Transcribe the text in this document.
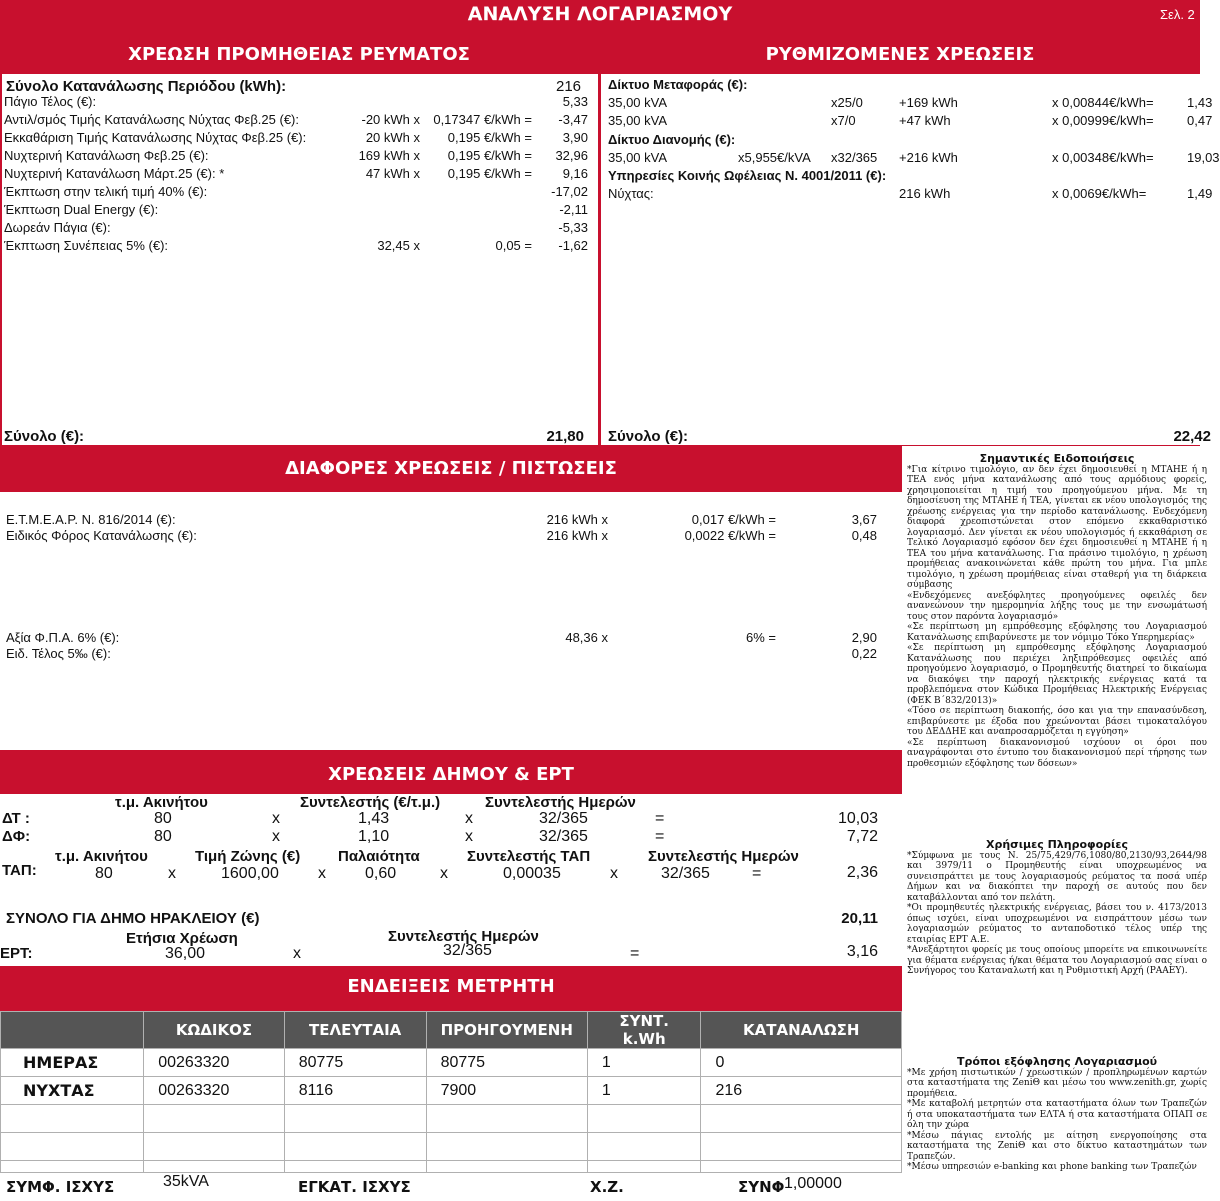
ΑΝΑΛΥΣΗ ΛΟΓΑΡΙΑΣΜΟΥ	Σελ. 2
ΧΡΕΩΣΗ ΠΡΟΜΗΘΕΙΑΣ ΡΕΥΜΑΤΟΣ
Σύνολο Κατανάλωσης Περιόδου (kWh):	216
Πάγιο Τέλος (€):	5,33
Αντιλ/σμός Τιμής Κατανάλωσης Νύχτας Φεβ.25 (€):	-20 kWh x	0,17347 €/kWh =	-3,47
Εκκαθάριση Τιμής Κατανάλωσης Νύχτας Φεβ.25 (€):	20 kWh x	0,195 €/kWh =	3,90
Νυχτερινή Κατανάλωση Φεβ.25 (€):	169 kWh x	0,195 €/kWh =	32,96
Νυχτερινή Κατανάλωση Μάρτ.25 (€): *	47 kWh x	0,195 €/kWh =	9,16
Έκπτωση στην τελική τιμή 40% (€):	-17,02
Έκπτωση Dual Energy (€):	-2,11
Δωρεάν Πάγια (€):	-5,33
Έκπτωση Συνέπειας 5% (€):	32,45 x	0,05 =	-1,62
Σύνολο (€):	21,80
ΡΥΘΜΙΖΟΜΕΝΕΣ ΧΡΕΩΣΕΙΣ
Δίκτυο Μεταφοράς (€):
35,00 kVA	x25/0	+169 kWh	x 0,00844€/kWh=	1,43
35,00 kVA	x7/0	+47 kWh	x 0,00999€/kWh=	0,47
Δίκτυο Διανομής (€):
35,00 kVA	x5,955€/kVA x32/365 +216 kWh	x 0,00348€/kWh=	19,03
Υπηρεσίες Κοινής Ωφέλειας Ν. 4001/2011 (€):
Νύχτας:	216 kWh	x 0,0069€/kWh=	1,49
Σύνολο (€):	22,42
ΔΙΑΦΟΡΕΣ ΧΡΕΩΣΕΙΣ / ΠΙΣΤΩΣΕΙΣ
Ε.Τ.Μ.Ε.Α.Ρ. Ν. 816/2014 (€):	216 kWh x	0,017 €/kWh =	3,67
Ειδικός Φόρος Κατανάλωσης (€):	216 kWh x	0,0022 €/kWh =	0,48
Αξία Φ.Π.Α. 6% (€):	48,36 x	6% =	2,90
Ειδ. Τέλος 5‰ (€):	0,22
ΧΡΕΩΣΕΙΣ ΔΗΜΟΥ & ΕΡΤ
τ.μ. Ακινήτου	Συντελεστής (€/τ.μ.)	Συντελεστής Ημερών
ΔΤ :	80	x	1,43	x	32/365	=	10,03
ΔΦ:	80	x	1,10	x	32/365	=	7,72
τ.μ. Ακινήτου	Τιμή Ζώνης (€)	Παλαιότητα	Συντελεστής ΤΑΠ	Συντελεστής Ημερών
ΤΑΠ:	80	x	1600,00 x 0,60	x	0,00035	x	32/365	=	2,36
ΣΥΝΟΛΟ ΓΙΑ ΔΗΜΟ ΗΡΑΚΛΕΙΟΥ (€)	20,11
Ετήσια Χρέωση	Συντελεστής Ημερών
ΕΡΤ:	36,00	x	32/365	=	3,16
ΕΝΔΕΙΞΕΙΣ ΜΕΤΡΗΤΗ
	ΚΩΔΙΚΟΣ	ΤΕΛΕΥΤΑΙΑ	ΠΡΟΗΓΟΥΜΕΝΗ	ΣΥΝΤ. k.Wh	ΚΑΤΑΝΑΛΩΣΗ
ΗΜΕΡΑΣ	00263320	80775	80775	1	0
ΝΥΧΤΑΣ	00263320	8116	7900	1	216

ΣΥΜΦ. ΙΣΧΥΣ	35kVA	ΕΓΚΑΤ. ΙΣΧΥΣ	Χ.Ζ.	ΣΥΝΦ 1,00000
Σημαντικές Ειδοποιήσεις

*Για κίτρινο τιμολόγιο, αν δεν έχει δημοσιευθεί η ΜΤΑΗΕ ή η ΤΕΑ ενός μήνα κατανάλωσης από τους αρμόδιους φορείς, χρησιμοποιείται η τιμή του προηγούμενου μήνα. Με τη δημοσίευση της ΜΤΑΗΕ ή ΤΕΑ, γίνεται εκ νέου υπολογισμός της χρέωσης ενέργειας για την περίοδο κατανάλωσης. Ενδεχόμενη διαφορά χρεοπιστώνεται στον επόμενο εκκαθαριστικό λογαριασμό. Δεν γίνεται εκ νέου υπολογισμός ή εκκαθάριση σε Τελικό Λογαριασμό εφόσον δεν έχει δημοσιευθεί η ΜΤΑΗΕ ή η ΤΕΑ του μήνα κατανάλωσης. Για πράσινο τιμολόγιο, η χρέωση προμήθειας ανακοινώνεται κάθε πρώτη του μήνα. Για μπλε τιμολόγιο, η χρέωση προμήθειας είναι σταθερή για τη διάρκεια σύμβασης

«Ενδεχόμενες ανεξόφλητες προηγούμενες οφειλές δεν ανανεώνουν την ημερομηνία λήξης τους με την ενσωμάτωσή τους στον παρόντα λογαριασμό»

«Σε περίπτωση μη εμπρόθεσμης εξόφλησης του Λογαριασμού Κατανάλωσης επιβαρύνεστε με τον νόμιμο Τόκο Υπερημερίας»

«Σε περίπτωση μη εμπρόθεσμης εξόφλησης Λογαριασμού Κατανάλωσης που περιέχει ληξιπρόθεσμες οφειλές από προηγούμενο λογαριασμό, ο Προμηθευτής διατηρεί το δικαίωμα να διακόψει την παροχή ηλεκτρικής ενέργειας κατά τα προβλεπόμενα στον Κώδικα Προμήθειας Ηλεκτρικής Ενέργειας (ΦΕΚ Β΄832/2013)»

«Τόσο σε περίπτωση διακοπής, όσο και για την επανασύνδεση, επιβαρύνεστε με έξοδα που χρεώνονται βάσει τιμοκαταλόγου του ΔΕΔΔΗΕ και αναπροσαρμόζεται η εγγύηση»

«Σε περίπτωση διακανονισμού ισχύουν οι όροι που αναγράφονται στο έντυπο του διακανονισμού περί τήρησης των προθεσμιών εξόφλησης των δόσεων»

Χρήσιμες Πληροφορίες

*Σύμφωνα με τους Ν. 25/75,429/76,1080/80,2130/93,2644/98 και 3979/11 ο Προμηθευτής είναι υποχρεωμένος να συνεισπράττει με τους λογαριασμούς ρεύματος τα ποσά υπέρ Δήμων και να διακόπτει την παροχή σε αυτούς που δεν καταβάλλονται από τον πελάτη.

*Οι προμηθευτές ηλεκτρικής ενέργειας, βάσει του ν. 4173/2013 όπως ισχύει, είναι υποχρεωμένοι να εισπράττουν μέσω των λογαριασμών ρεύματος το ανταποδοτικό τέλος υπέρ της εταιρίας ΕΡΤ Α.Ε.

*Ανεξάρτητοι φορείς με τους οποίους μπορείτε να επικοινωνείτε για θέματα ενέργειας ή/και θέματα του Λογαριασμού σας είναι ο Συνήγορος του Καταναλωτή και η Ρυθμιστική Αρχή (ΡΑΑΕΥ).

Τρόποι εξόφλησης Λογαριασμού

*Με χρήση πιστωτικών / χρεωστικών / προπληρωμένων καρτών στα καταστήματα της ZeniΘ και μέσω του www.zenith.gr, χωρίς προμήθεια.

*Με καταβολή μετρητών στα καταστήματα όλων των Τραπεζών ή στα υποκαταστήματα των ΕΛΤΑ ή στα καταστήματα ΟΠΑΠ σε όλη την χώρα

*Μέσω πάγιας εντολής με αίτηση ενεργοποίησης στα καταστήματα της ZeniΘ και στο δίκτυο καταστημάτων των Τραπεζών.

*Μέσω υπηρεσιών e-banking και phone banking των Τραπεζών
